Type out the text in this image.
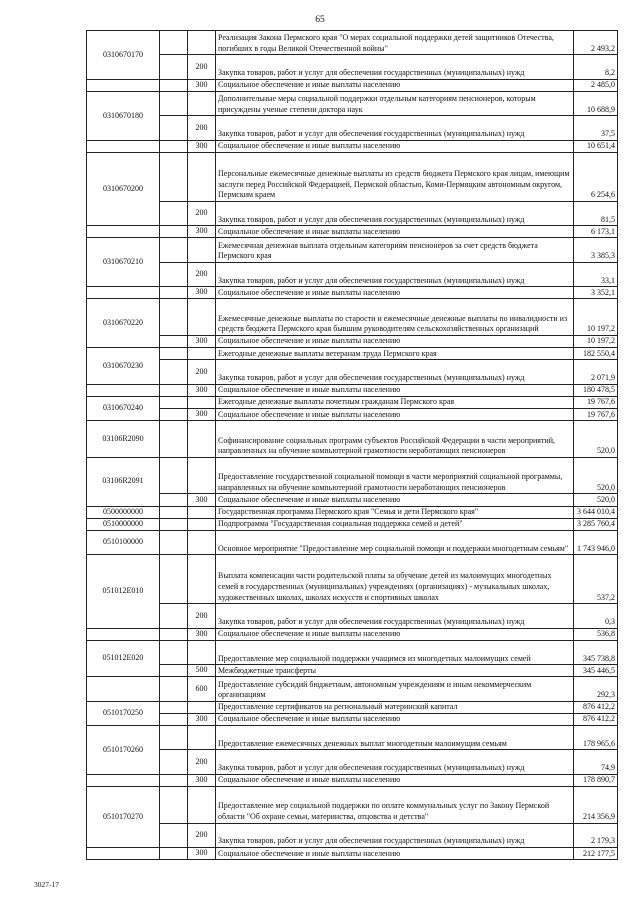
65
0310670170			Реализация Закона Пермского края "О мерах социальной поддержки детей защитников Отечества, погибших в годы Великой Отечественной войны"	2 493,2
		200	Закупка товаров, работ и услуг для обеспечения государственных (муниципальных) нужд	8,2
		300	Социальное обеспечение и иные выплаты населению	2 485,0
0310670180			Дополнительные меры социальной поддержки отдельным категориям пенсионеров, которым присуждены ученые степени доктора наук	10 688,9
		200	Закупка товаров, работ и услуг для обеспечения государственных (муниципальных) нужд	37,5
		300	Социальное обеспечение и иные выплаты населению	10 651,4
0310670200			Персональные ежемесячные денежные выплаты из средств бюджета Пермского края лицам, имеющим заслуги перед Российской Федерацией, Пермской областью, Коми-Пермяцким автономным округом, Пермским краем	6 254,6
		200	Закупка товаров, работ и услуг для обеспечения государственных (муниципальных) нужд	81,5
		300	Социальное обеспечение и иные выплаты населению	6 173,1
0310670210			Ежемесячная денежная выплата отдельным категориям пенсионеров за счет средств бюджета Пермского края	3 385,3
		200	Закупка товаров, работ и услуг для обеспечения государственных (муниципальных) нужд	33,1
		300	Социальное обеспечение и иные выплаты населению	3 352,1
0310670220			Ежемесячные денежные выплаты по старости и ежемесячные денежные выплаты по инвалидности из средств бюджета Пермского края бывшим руководителям сельскохозяйственных организаций	10 197,2
		300	Социальное обеспечение и иные выплаты населению	10 197,2
0310670230			Ежегодные денежные выплаты ветеранам труда Пермского края	182 550,4
		200	Закупка товаров, работ и услуг для обеспечения государственных (муниципальных) нужд	2 071,9
		300	Социальное обеспечение и иные выплаты населению	180 478,5
0310670240			Ежегодные денежные выплаты почетным гражданам Пермского края	19 767,6
		300	Социальное обеспечение и иные выплаты населению	19 767,6
03106R2090			Софинансирование социальных программ субъектов Российской Федерации в части мероприятий, направленных на обучение компьютерной грамотности неработающих пенсионеров	520,0
03106R2091			Предоставление государственной социальной помощи в части мероприятий социальной программы, направленных на обучение компьютерной грамотности неработающих пенсионеров	520,0
		300	Социальное обеспечение и иные выплаты населению	520,0
0500000000			Государственная программа Пермского края "Семья и дети Пермского края"	3 644 010,4
0510000000			Подпрограмма "Государственная социальная поддержка семей и детей"	3 285 760,4
0510100000			Основное мероприятие "Предоставление мер социальной помощи и поддержки многодетным семьям"	1 743 946,0
051012Е010			Выплата компенсации части родительской платы за обучение детей из малоимущих многодетных семей в государственных (муниципальных) учреждениях (организациях) - музыкальных школах, художественных школах, школах искусств и спортивных школах	537,2
		200	Закупка товаров, работ и услуг для обеспечения государственных (муниципальных) нужд	0,3
		300	Социальное обеспечение и иные выплаты населению	536,8
051012Е020			Предоставление мер социальной поддержки учащимся из многодетных малоимущих семей	345 738,8
		500	Межбюджетные трансферты	345 446,5
		600	Предоставление субсидий бюджетным, автономным учреждениям и иным некоммерческим организациям	292,3
0510170250			Предоставление сертификатов на региональный материнский капитал	876 412,2
		300	Социальное обеспечение и иные выплаты населению	876 412,2
0510170260			Предоставление ежемесячных денежных выплат многодетным малоимущим семьям	178 965,6
		200	Закупка товаров, работ и услуг для обеспечения государственных (муниципальных) нужд	74,9
		300	Социальное обеспечение и иные выплаты населению	178 890,7
0510170270			Предоставление мер социальной поддержки по оплате коммунальных услуг по Закону Пермской области "Об охране семьи, материнства, отцовства и детства"	214 356,9
		200	Закупка товаров, работ и услуг для обеспечения государственных (муниципальных) нужд	2 179,3
		300	Социальное обеспечение и иные выплаты населению	212 177,5
3027-17
